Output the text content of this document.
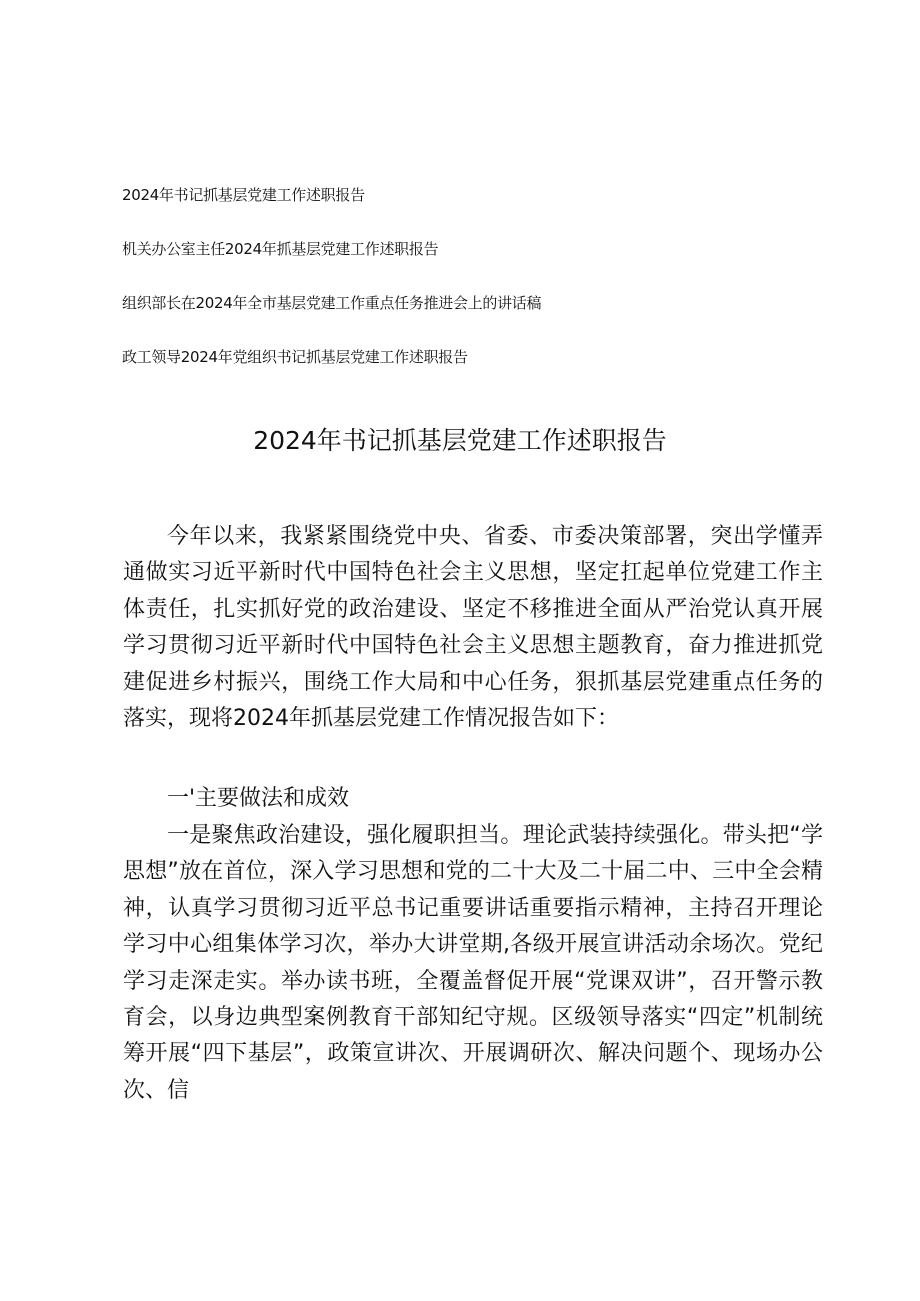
2024年书记抓基层党建工作述职报告
机关办公室主任2024年抓基层党建工作述职报告
组织部长在2024年全市基层党建工作重点任务推进会上的讲话稿
政工领导2024年党组织书记抓基层党建工作述职报告
2024年书记抓基层党建工作述职报告

今年以来，我紧紧围绕党中央、省委、市委决策部署，突出学懂弄通做实习近平新时代中国特色社会主义思想，坚定扛起单位党建工作主体责任，扎实抓好党的政治建设、坚定不移推进全面从严治党认真开展学习贯彻习近平新时代中国特色社会主义思想主题教育，奋力推进抓党建促进乡村振兴，围绕工作大局和中心任务，狠抓基层党建重点任务的落实，现将2024年抓基层党建工作情况报告如下：

一'主要做法和成效

一是聚焦政治建设，强化履职担当。理论武装持续强化。带头把“学思想”放在首位，深入学习思想和党的二十大及二十届二中、三中全会精神，认真学习贯彻习近平总书记重要讲话重要指示精神，主持召开理论学习中心组集体学习次，举办大讲堂期,各级开展宣讲活动余场次。党纪学习走深走实。举办读书班，全覆盖督促开展“党课双讲”，召开警示教育会，以身边典型案例教育干部知纪守规。区级领导落实“四定”机制统筹开展“四下基层”，政策宣讲次、开展调研次、解决问题个、现场办公次、信
